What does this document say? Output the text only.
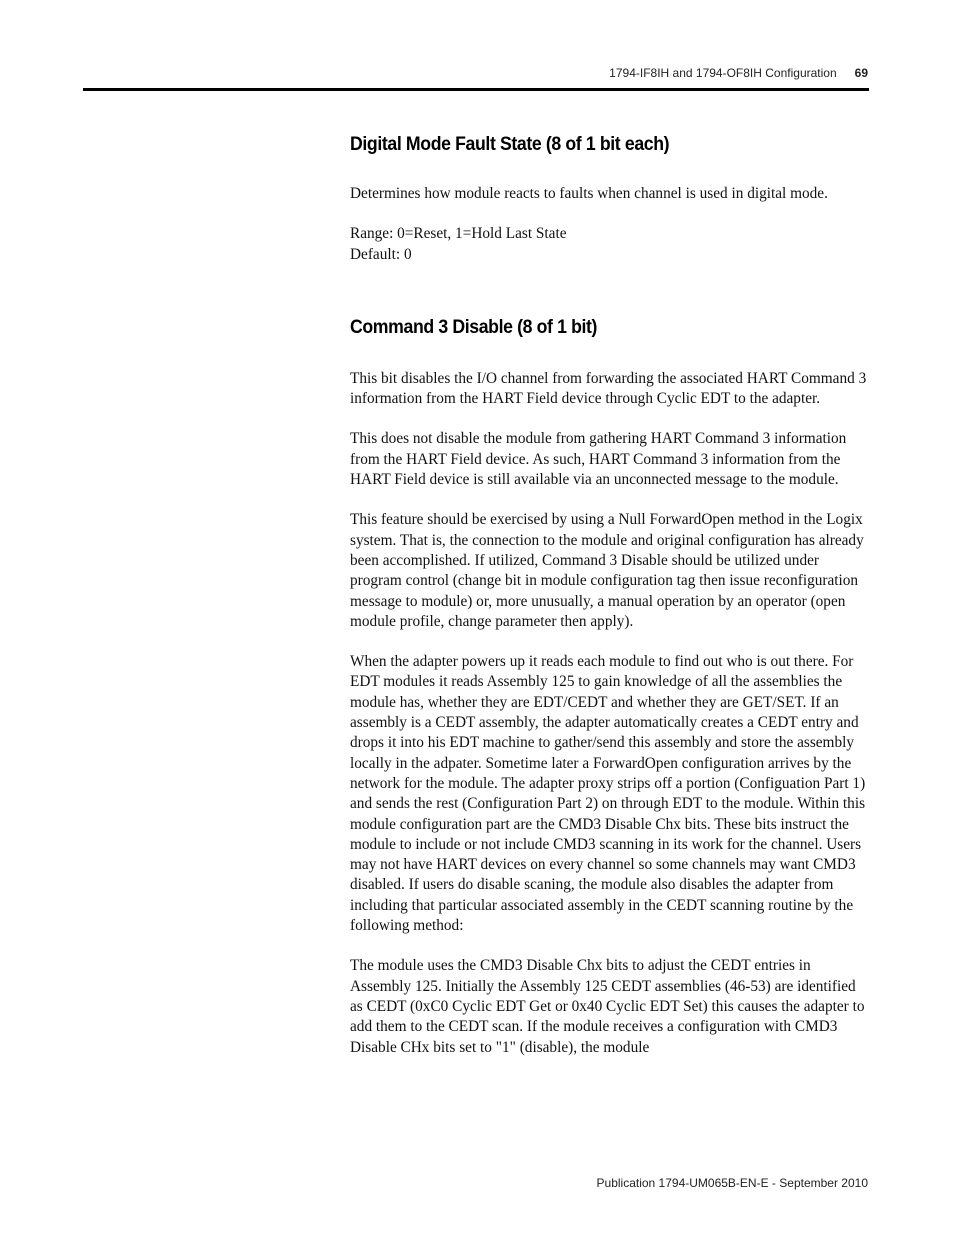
1794-IF8IH and 1794-OF8IH Configuration 69
Digital Mode Fault State (8 of 1 bit each)

Determines how module reacts to faults when channel is used in digital mode.

Range: 0=Reset, 1=Hold Last State

Default: 0

Command 3 Disable (8 of 1 bit)

This bit disables the I/O channel from forwarding the associated HART Command 3 information from the HART Field device through Cyclic EDT to the adapter.

This does not disable the module from gathering HART Command 3 information from the HART Field device. As such, HART Command 3 information from the HART Field device is still available via an unconnected message to the module.

This feature should be exercised by using a Null ForwardOpen method in the Logix system. That is, the connection to the module and original configuration has already been accomplished. If utilized, Command 3 Disable should be utilized under program control (change bit in module configuration tag then issue reconfiguration message to module) or, more unusually, a manual operation by an operator (open module profile, change parameter then apply).

When the adapter powers up it reads each module to find out who is out there. For EDT modules it reads Assembly 125 to gain knowledge of all the assemblies the module has, whether they are EDT/CEDT and whether they are GET/SET. If an assembly is a CEDT assembly, the adapter automatically creates a CEDT entry and drops it into his EDT machine to gather/send this assembly and store the assembly locally in the adpater. Sometime later a ForwardOpen configuration arrives by the network for the module. The adapter proxy strips off a portion (Configuation Part 1) and sends the rest (Configuration Part 2) on through EDT to the module. Within this module configuration part are the CMD3 Disable Chx bits. These bits instruct the module to include or not include CMD3 scanning in its work for the channel. Users may not have HART devices on every channel so some channels may want CMD3 disabled. If users do disable scaning, the module also disables the adapter from including that particular associated assembly in the CEDT scanning routine by the following method:

The module uses the CMD3 Disable Chx bits to adjust the CEDT entries in Assembly 125. Initially the Assembly 125 CEDT assemblies (46-53) are identified as CEDT (0xC0 Cyclic EDT Get or 0x40 Cyclic EDT Set) this causes the adapter to add them to the CEDT scan. If the module receives a configuration with CMD3 Disable CHx bits set to "1" (disable), the module

Publication 1794-UM065B-EN-E - September 2010
